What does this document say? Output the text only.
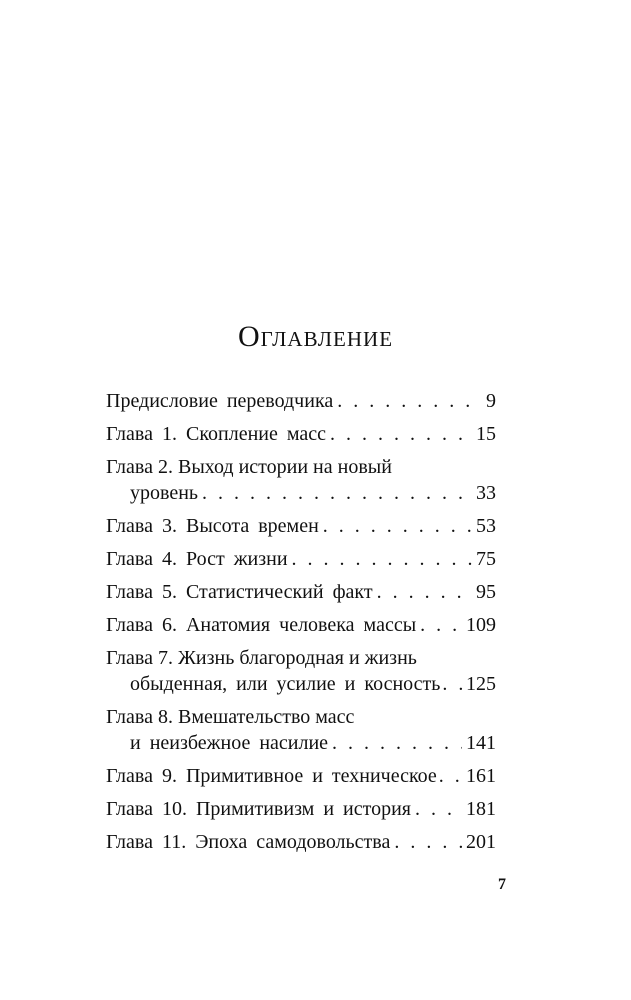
Оглавление
Предисловие переводчика . . .	9
Глава 1. Скопление масс . . .	15
Глава 2. Выход истории на новый
уровень . . .	33
Глава 3. Высота времен . . .	53
Глава 4. Рост жизни . . .	75
Глава 5. Статистический факт . . .	95
Глава 6. Анатомия человека массы . . . 109
Глава 7. Жизнь благородная и жизнь
обыденная, или усилие и косность . . . 125
Глава 8. Вмешательство масс
и неизбежное насилие . . .	141
Глава 9. Примитивное и техническое . . . 161
Глава 10. Примитивизм и история . . .	181
Глава 11. Эпоха самодовольства . . .	201
7
